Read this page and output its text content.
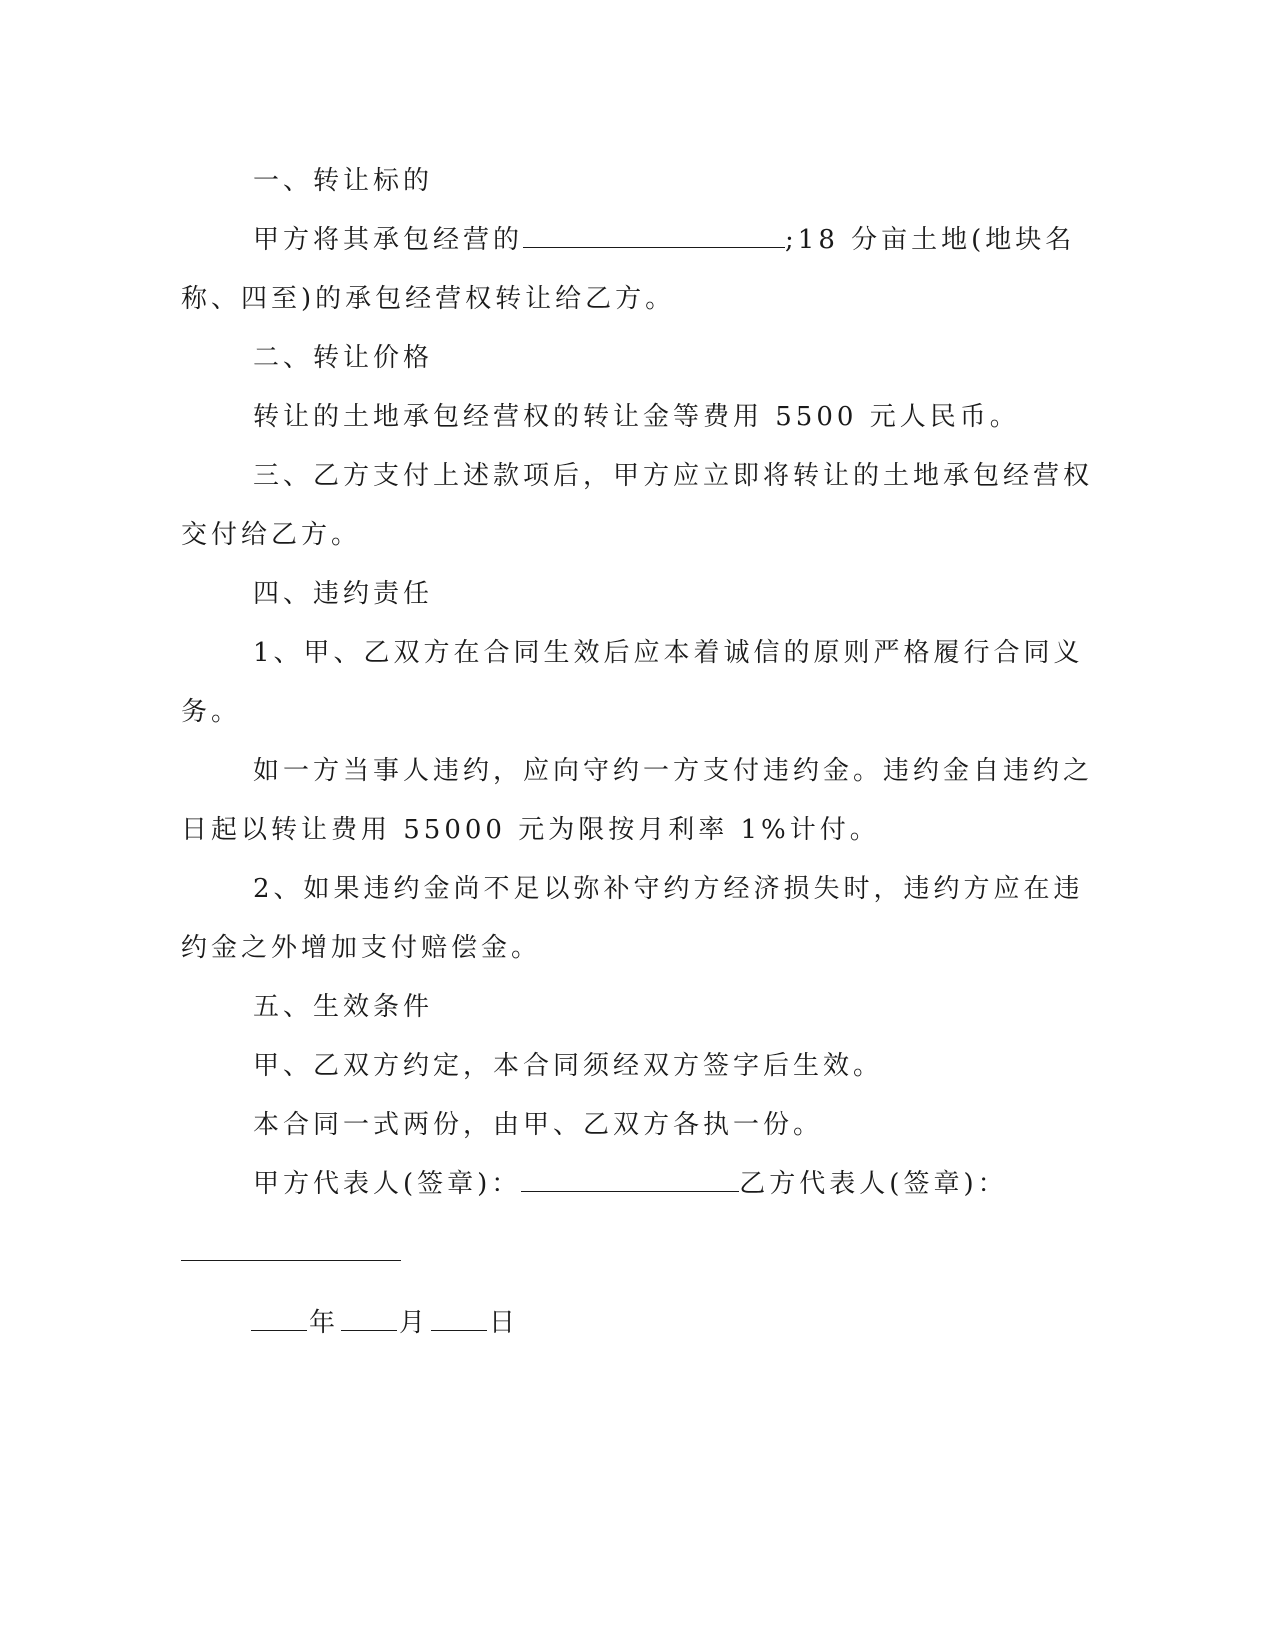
一、转让标的
甲方将其承包经营的	;18 分亩土地(地块名
称、四至)的承包经营权转让给乙方。
二、转让价格
转让的土地承包经营权的转让金等费用 5500 元人民币。
三、乙方支付上述款项后，甲方应立即将转让的土地承包经营权
交付给乙方。
四、违约责任
1、甲、乙双方在合同生效后应本着诚信的原则严格履行合同义
务。
如一方当事人违约，应向守约一方支付违约金。违约金自违约之
日起以转让费用 55000 元为限按月利率 1%计付。
2、如果违约金尚不足以弥补守约方经济损失时，违约方应在违
约金之外增加支付赔偿金。
五、生效条件
甲、乙双方约定，本合同须经双方签字后生效。
本合同一式两份，由甲、乙双方各执一份。
甲方代表人(签章)：	乙方代表人(签章)：
年 月 日
